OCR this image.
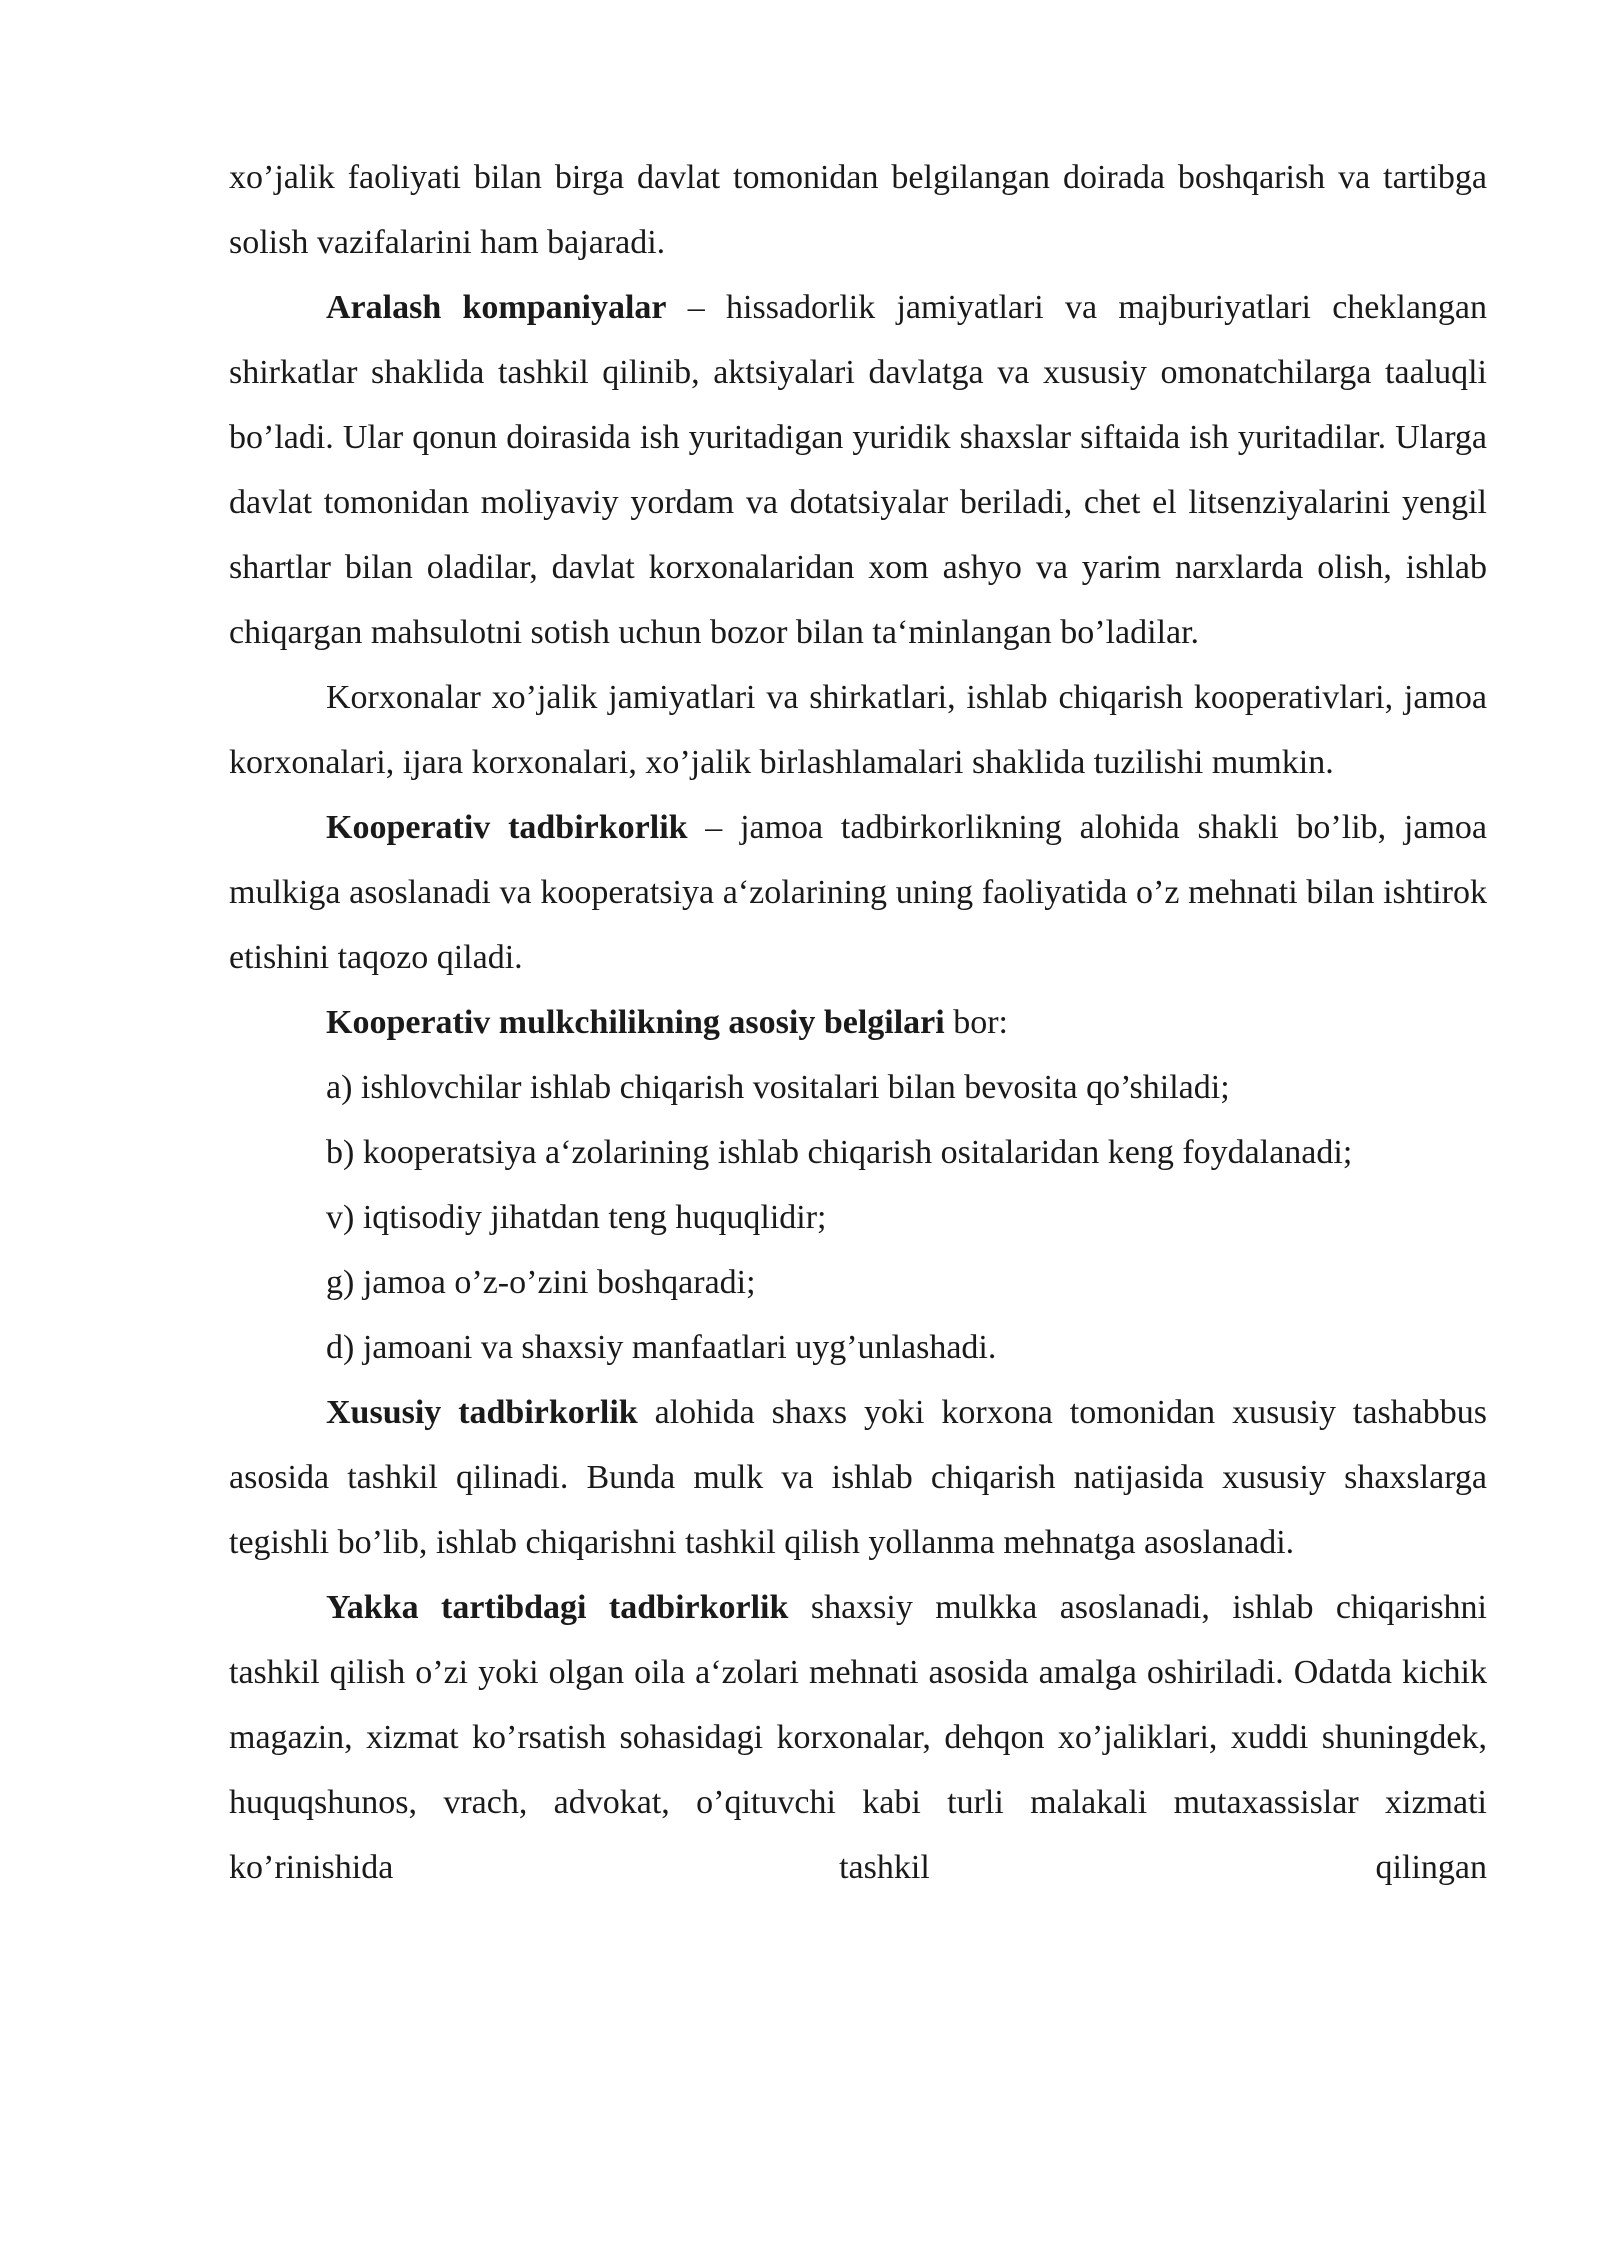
xo’jalik faoliyati bilan birga davlat tomonidan belgilangan doirada boshqarish va tartibga solish vazifalarini ham bajaradi.

Aralash kompaniyalar – hissadorlik jamiyatlari va majburiyatlari cheklangan shirkatlar shaklida tashkil qilinib, aktsiyalari davlatga va xususiy omonatchilarga taaluqli bo’ladi. Ular qonun doirasida ish yuritadigan yuridik shaxslar siftaida ish yuritadilar. Ularga davlat tomonidan moliyaviy yordam va dotatsiyalar beriladi, chet el litsenziyalarini yengil shartlar bilan oladilar, davlat korxonalaridan xom ashyo va yarim narxlarda olish, ishlab chiqargan mahsulotni sotish uchun bozor bilan ta‘minlangan bo’ladilar.

Korxonalar xo’jalik jamiyatlari va shirkatlari, ishlab chiqarish kooperativlari, jamoa korxonalari, ijara korxonalari, xo’jalik birlashlamalari shaklida tuzilishi mumkin.

Kooperativ tadbirkorlik – jamoa tadbirkorlikning alohida shakli bo’lib, jamoa mulkiga asoslanadi va kooperatsiya a‘zolarining uning faoliyatida o’z mehnati bilan ishtirok etishini taqozo qiladi.

Kooperativ mulkchilikning asosiy belgilari bor:

a) ishlovchilar ishlab chiqarish vositalari bilan bevosita qo’shiladi;

b) kooperatsiya a‘zolarining ishlab chiqarish ositalaridan keng foydalanadi;

v) iqtisodiy jihatdan teng huquqlidir;

g) jamoa o’z-o’zini boshqaradi;

d) jamoani va shaxsiy manfaatlari uyg’unlashadi.

Xususiy tadbirkorlik alohida shaxs yoki korxona tomonidan xususiy tashabbus asosida tashkil qilinadi. Bunda mulk va ishlab chiqarish natijasida xususiy shaxslarga tegishli bo’lib, ishlab chiqarishni tashkil qilish yollanma mehnatga asoslanadi.

Yakka tartibdagi tadbirkorlik shaxsiy mulkka asoslanadi, ishlab chiqarishni tashkil qilish o’zi yoki olgan oila a‘zolari mehnati asosida amalga oshiriladi. Odatda kichik magazin, xizmat ko’rsatish sohasidagi korxonalar, dehqon xo’jaliklari, xuddi shuningdek, huquqshunos, vrach, advokat, o’qituvchi kabi turli malakali mutaxassislar xizmati ko’rinishida tashkil qilingan
